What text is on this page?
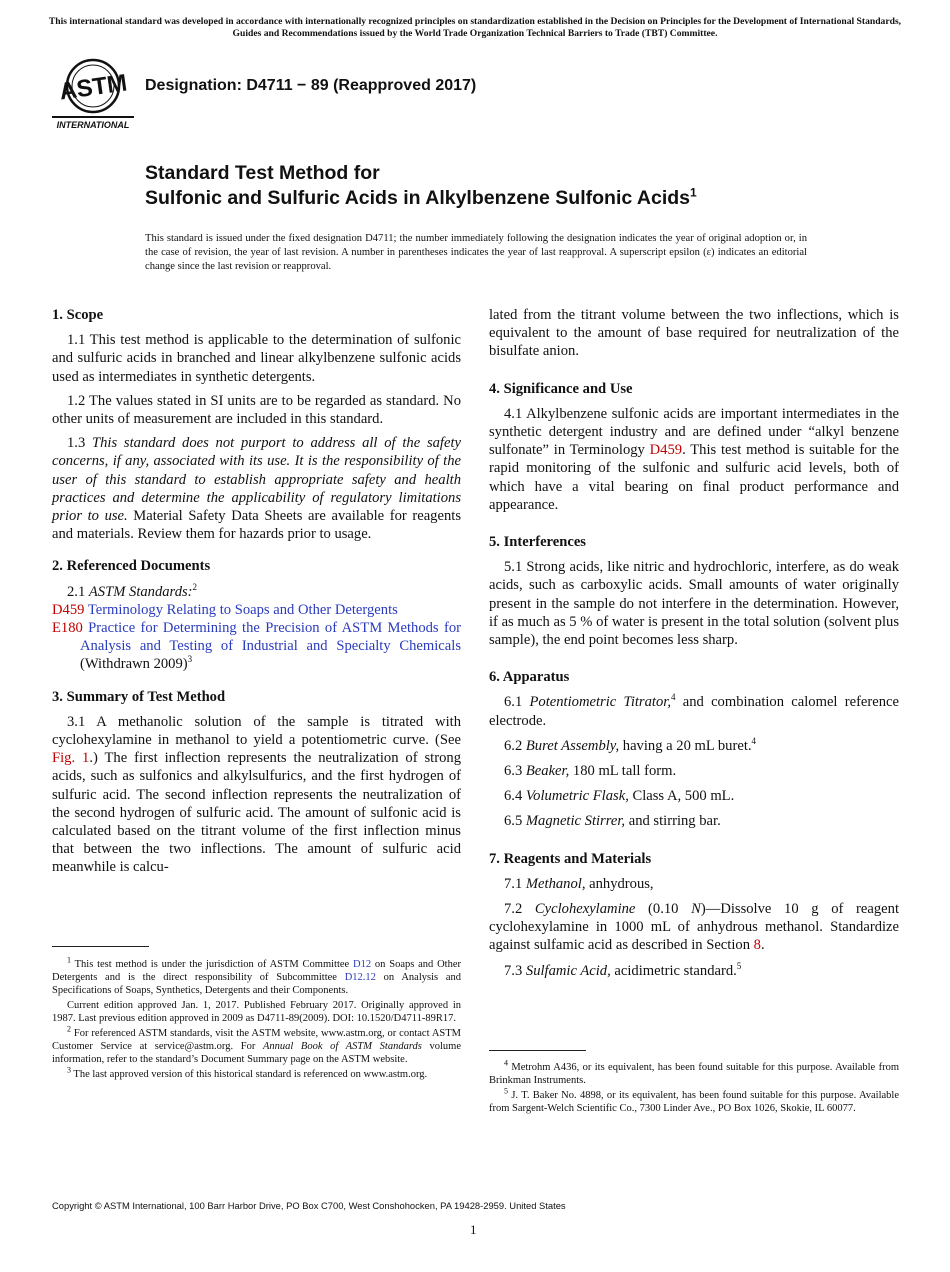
This international standard was developed in accordance with internationally recognized principles on standardization established in the Decision on Principles for the Development of International Standards, Guides and Recommendations issued by the World Trade Organization Technical Barriers to Trade (TBT) Committee.
ASTM
INTERNATIONAL
Designation: D4711 − 89 (Reapproved 2017)
Standard Test Method for
Sulfonic and Sulfuric Acids in Alkylbenzene Sulfonic Acids$^1$
This standard is issued under the fixed designation D4711; the number immediately following the designation indicates the year of original adoption or, in the case of revision, the year of last revision. A number in parentheses indicates the year of last reapproval. A superscript epsilon (ε) indicates an editorial change since the last revision or reapproval.

1. Scope

1.1 This test method is applicable to the determination of sulfonic and sulfuric acids in branched and linear alkylbenzene sulfonic acids used as intermediates in synthetic detergents.

1.2 The values stated in SI units are to be regarded as standard. No other units of measurement are included in this standard.

1.3 This standard does not purport to address all of the safety concerns, if any, associated with its use. It is the responsibility of the user of this standard to establish appropriate safety and health practices and determine the applicability of regulatory limitations prior to use. Material Safety Data Sheets are available for reagents and materials. Review them for hazards prior to usage.

2. Referenced Documents

2.1 ASTM Standards:$^2$

D459 Terminology Relating to Soaps and Other Detergents

E180 Practice for Determining the Precision of ASTM Methods for Analysis and Testing of Industrial and Specialty Chemicals (Withdrawn 2009)$^3$

3. Summary of Test Method

3.1 A methanolic solution of the sample is titrated with cyclohexylamine in methanol to yield a potentiometric curve. (See Fig. 1.) The first inflection represents the neutralization of strong acids, such as sulfonics and alkylsulfurics, and the first hydrogen of sulfuric acid. The second inflection represents the neutralization of the second hydrogen of sulfuric acid. The amount of sulfonic acid is calculated based on the titrant volume of the first inflection minus that between the two inflections. The amount of sulfuric acid meanwhile is calcu-

$^1$ This test method is under the jurisdiction of ASTM Committee D12 on Soaps and Other Detergents and is the direct responsibility of Subcommittee D12.12 on Analysis and Specifications of Soaps, Synthetics, Detergents and their Components.

Current edition approved Jan. 1, 2017. Published February 2017. Originally approved in 1987. Last previous edition approved in 2009 as D4711-89(2009). DOI: 10.1520/D4711-89R17.

$^2$ For referenced ASTM standards, visit the ASTM website, www.astm.org, or contact ASTM Customer Service at service@astm.org. For Annual Book of ASTM Standards volume information, refer to the standard’s Document Summary page on the ASTM website.

$^3$ The last approved version of this historical standard is referenced on www.astm.org.

lated from the titrant volume between the two inflections, which is equivalent to the amount of base required for neutralization of the bisulfate anion.

4. Significance and Use

4.1 Alkylbenzene sulfonic acids are important intermediates in the synthetic detergent industry and are defined under “alkyl benzene sulfonate” in Terminology D459. This test method is suitable for the rapid monitoring of the sulfonic and sulfuric acid levels, both of which have a vital bearing on final product performance and appearance.

5. Interferences

5.1 Strong acids, like nitric and hydrochloric, interfere, as do weak acids, such as carboxylic acids. Small amounts of water originally present in the sample do not interfere in the determination. However, if as much as 5 % of water is present in the total solution (solvent plus sample), the end point becomes less sharp.

6. Apparatus

6.1 Potentiometric Titrator,$^4$ and combination calomel reference electrode.

6.2 Buret Assembly, having a 20 mL buret.$^4$

6.3 Beaker, 180 mL tall form.

6.4 Volumetric Flask, Class A, 500 mL.

6.5 Magnetic Stirrer, and stirring bar.

7. Reagents and Materials

7.1 Methanol, anhydrous,

7.2 Cyclohexylamine (0.10 N)—Dissolve 10 g of reagent cyclohexylamine in 1000 mL of anhydrous methanol. Standardize against sulfamic acid as described in Section 8.

7.3 Sulfamic Acid, acidimetric standard.$^5$

$^4$ Metrohm A436, or its equivalent, has been found suitable for this purpose. Available from Brinkman Instruments.

$^5$ J. T. Baker No. 4898, or its equivalent, has been found suitable for this purpose. Available from Sargent-Welch Scientific Co., 7300 Linder Ave., PO Box 1026, Skokie, IL 60077.

Copyright © ASTM International, 100 Barr Harbor Drive, PO Box C700, West Conshohocken, PA 19428-2959. United States
1
